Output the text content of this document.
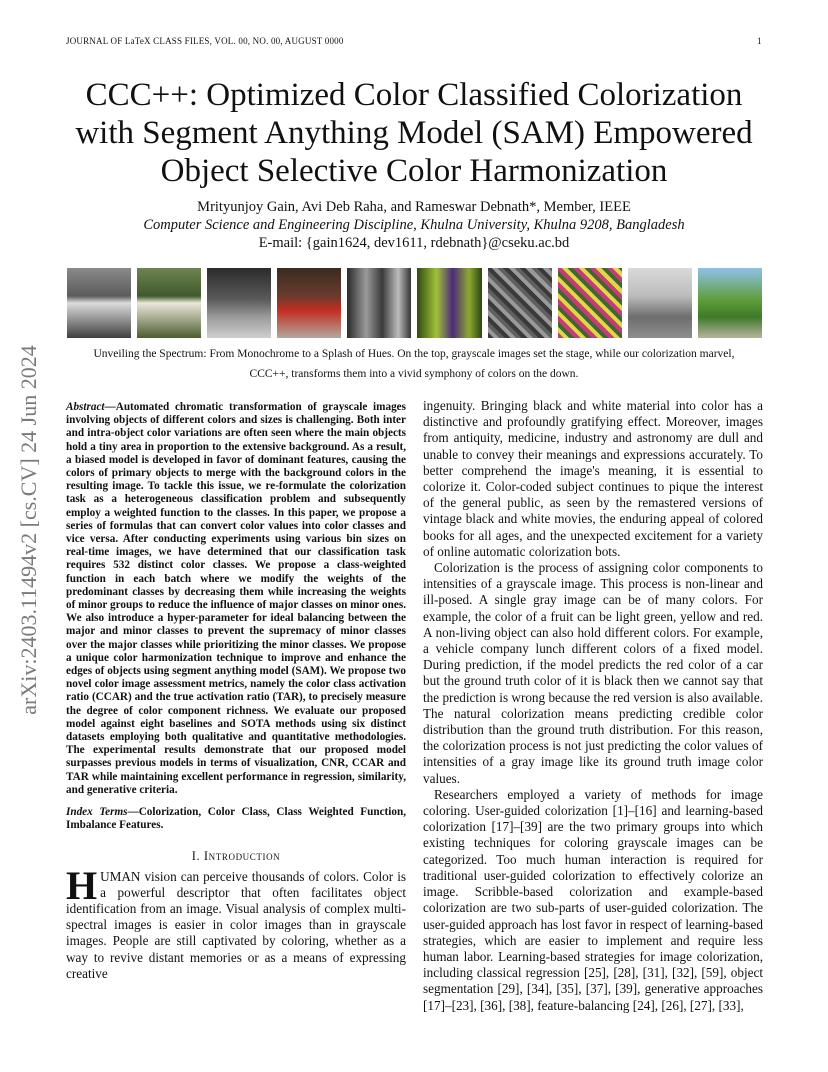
JOURNAL OF LaTeX CLASS FILES, VOL. 00, NO. 00, AUGUST 0000	1
arXiv:2403.11494v2 [cs.CV] 24 Jun 2024
CCC++: Optimized Color Classified Colorization
with Segment Anything Model (SAM) Empowered
Object Selective Color Harmonization
Mrityunjoy Gain, Avi Deb Raha, and Rameswar Debnath*, Member, IEEE
Computer Science and Engineering Discipline, Khulna University, Khulna 9208, Bangladesh
E-mail: {gain1624, dev1611, rdebnath}@cseku.ac.bd
Unveiling the Spectrum: From Monochrome to a Splash of Hues. On the top, grayscale images set the stage, while our colorization marvel, CCC++, transforms them into a vivid symphony of colors on the down.
Abstract—Automated chromatic transformation of grayscale images involving objects of different colors and sizes is challenging. Both inter and intra-object color variations are often seen where the main objects hold a tiny area in proportion to the extensive background. As a result, a biased model is developed in favor of dominant features, causing the colors of primary objects to merge with the background colors in the resulting image. To tackle this issue, we re-formulate the colorization task as a heterogeneous classification problem and subsequently employ a weighted function to the classes. In this paper, we propose a series of formulas that can convert color values into color classes and vice versa. After conducting experiments using various bin sizes on real-time images, we have determined that our classification task requires 532 distinct color classes. We propose a class-weighted function in each batch where we modify the weights of the predominant classes by decreasing them while increasing the weights of minor groups to reduce the influence of major classes on minor ones. We also introduce a hyper-parameter for ideal balancing between the major and minor classes to prevent the supremacy of minor classes over the major classes while prioritizing the minor classes. We propose a unique color harmonization technique to improve and enhance the edges of objects using segment anything model (SAM). We propose two novel color image assessment metrics, namely the color class activation ratio (CCAR) and the true activation ratio (TAR), to precisely measure the degree of color component richness. We evaluate our proposed model against eight baselines and SOTA methods using six distinct datasets employing both qualitative and quantitative methodologies. The experimental results demonstrate that our proposed model surpasses previous models in terms of visualization, CNR, CCAR and TAR while maintaining excellent performance in regression, similarity, and generative criteria.
Index Terms—Colorization, Color Class, Class Weighted Function, Imbalance Features.
I. Introduction

HUMAN vision can perceive thousands of colors. Color is a powerful descriptor that often facilitates object identification from an image. Visual analysis of complex multi-spectral images is easier in color images than in grayscale images. People are still captivated by coloring, whether as a way to revive distant memories or as a means of expressing creative

ingenuity. Bringing black and white material into color has a distinctive and profoundly gratifying effect. Moreover, images from antiquity, medicine, industry and astronomy are dull and unable to convey their meanings and expressions accurately. To better comprehend the image's meaning, it is essential to colorize it. Color-coded subject continues to pique the interest of the general public, as seen by the remastered versions of vintage black and white movies, the enduring appeal of colored books for all ages, and the unexpected excitement for a variety of online automatic colorization bots.

Colorization is the process of assigning color components to intensities of a grayscale image. This process is non-linear and ill-posed. A single gray image can be of many colors. For example, the color of a fruit can be light green, yellow and red. A non-living object can also hold different colors. For example, a vehicle company lunch different colors of a fixed model. During prediction, if the model predicts the red color of a car but the ground truth color of it is black then we cannot say that the prediction is wrong because the red version is also available. The natural colorization means predicting credible color distribution than the ground truth distribution. For this reason, the colorization process is not just predicting the color values of intensities of a gray image like its ground truth image color values.

Researchers employed a variety of methods for image coloring. User-guided colorization [1]–[16] and learning-based colorization [17]–[39] are the two primary groups into which existing techniques for coloring grayscale images can be categorized. Too much human interaction is required for traditional user-guided colorization to effectively colorize an image. Scribble-based colorization and example-based colorization are two sub-parts of user-guided colorization. The user-guided approach has lost favor in respect of learning-based strategies, which are easier to implement and require less human labor. Learning-based strategies for image colorization, including classical regression [25], [28], [31], [32], [59], object segmentation [29], [34], [35], [37], [39], generative approaches [17]–[23], [36], [38], feature-balancing [24], [26], [27], [33],
